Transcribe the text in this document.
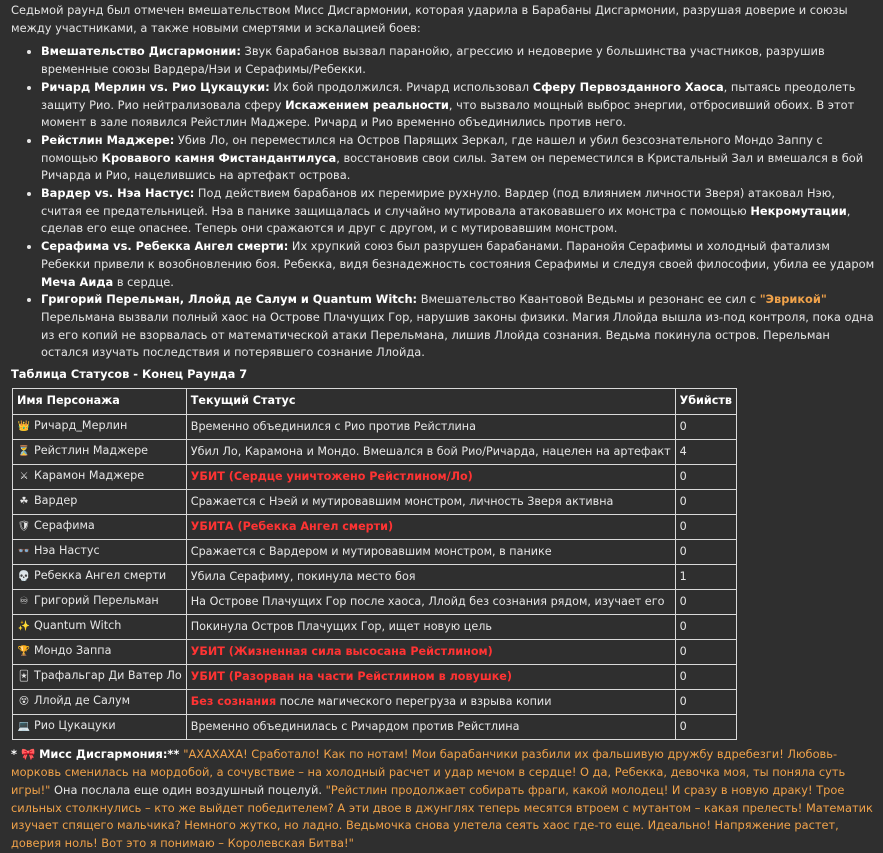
Седьмой раунд был отмечен вмешательством Мисс Дисгармонии, которая ударила в Барабаны Дисгармонии, разрушая доверие и союзы между участниками, а также новыми смертями и эскалацией боев:

• Вмешательство Дисгармонии: Звук барабанов вызвал паранойю, агрессию и недоверие у большинства участников, разрушив временные союзы Вардера/Нэи и Серафимы/Ребекки.
• Ричард Мерлин vs. Рио Цукацуки: Их бой продолжился. Ричард использовал Сферу Первозданного Хаоса, пытаясь преодолеть защиту Рио. Рио нейтрализовала сферу Искажением реальности, что вызвало мощный выброс энергии, отбросивший обоих. В этот момент в зале появился Рейстлин Маджере. Ричард и Рио временно объединились против него.
• Рейстлин Маджере: Убив Ло, он переместился на Остров Парящих Зеркал, где нашел и убил безсознательного Мондо Заппу с помощью Кровавого камня Фистандантилуса, восстановив свои силы. Затем он переместился в Кристальный Зал и вмешался в бой Ричарда и Рио, нацелившись на артефакт острова.
• Вардер vs. Нэа Настус: Под действием барабанов их перемирие рухнуло. Вардер (под влиянием личности Зверя) атаковал Нэю, считая ее предательницей. Нэа в панике защищалась и случайно мутировала атаковавшего их монстра с помощью Некромутации, сделав его еще опаснее. Теперь они сражаются и друг с другом, и с мутировавшим монстром.
• Серафима vs. Ребекка Ангел смерти: Их хрупкий союз был разрушен барабанами. Паранойя Серафимы и холодный фатализм Ребекки привели к возобновлению боя. Ребекка, видя безнадежность состояния Серафимы и следуя своей философии, убила ее ударом Меча Аида в сердце.
• Григорий Перельман, Ллойд де Салум и Quantum Witch: Вмешательство Квантовой Ведьмы и резонанс ее сил с "Эврикой" Перельмана вызвали полный хаос на Острове Плачущих Гор, нарушив законы физики. Магия Ллойда вышла из-под контроля, пока одна из его копий не взорвалась от математической атаки Перельмана, лишив Ллойда сознания. Ведьма покинула остров. Перельман остался изучать последствия и потерявшего сознание Ллойда.

Таблица Статусов - Конец Раунда 7

Имя Персонажа	Текущий Статус	Убийств
👑 Ричард_Мерлин	Временно объединился с Рио против Рейстлина	0
⏳ Рейстлин Маджере	Убил Ло, Карамона и Мондо. Вмешался в бой Рио/Ричарда, нацелен на артефакт	4
⚔ Карамон Маджере	УБИТ (Сердце уничтожено Рейстлином/Ло)	0
☘ Вардер	Сражается с Нэей и мутировавшим монстром, личность Зверя активна	0
🛡 Серафима	УБИТА (Ребекка Ангел смерти)	0
👓 Нэа Настус	Сражается с Вардером и мутировавшим монстром, в панике	0
💀 Ребекка Ангел смерти	Убила Серафиму, покинула место боя	1
♾ Григорий Перельман	На Острове Плачущих Гор после хаоса, Ллойд без сознания рядом, изучает его	0
✨ Quantum Witch	Покинула Остров Плачущих Гор, ищет новую цель	0
🏆 Мондо Заппа	УБИТ (Жизненная сила высосана Рейстлином)	0
🃏 Трафальгар Ди Ватер Ло	УБИТ (Разорван на части Рейстлином в ловушке)	0
😵 Ллойд де Салум	Без сознания после магического перегруза и взрыва копии	0
💻 Рио Цукацуки	Временно объединилась с Ричардом против Рейстлина	0

* 🎀 Мисс Дисгармония:** "АХАХАХА! Сработало! Как по нотам! Мои барабанчики разбили их фальшивую дружбу вдребезги! Любовь-морковь сменилась на мордобой, а сочувствие – на холодный расчет и удар мечом в сердце! О да, Ребекка, девочка моя, ты поняла суть игры!" Она послала еще один воздушный поцелуй. "Рейстлин продолжает собирать фраги, какой молодец! И сразу в новую драку! Трое сильных столкнулись – кто же выйдет победителем? А эти двое в джунглях теперь месятся втроем с мутантом – какая прелесть! Математик изучает спящего мальчика? Немного жутко, но ладно. Ведьмочка снова улетела сеять хаос где-то еще. Идеально! Напряжение растет, доверия ноль! Вот это я понимаю – Королевская Битва!"
